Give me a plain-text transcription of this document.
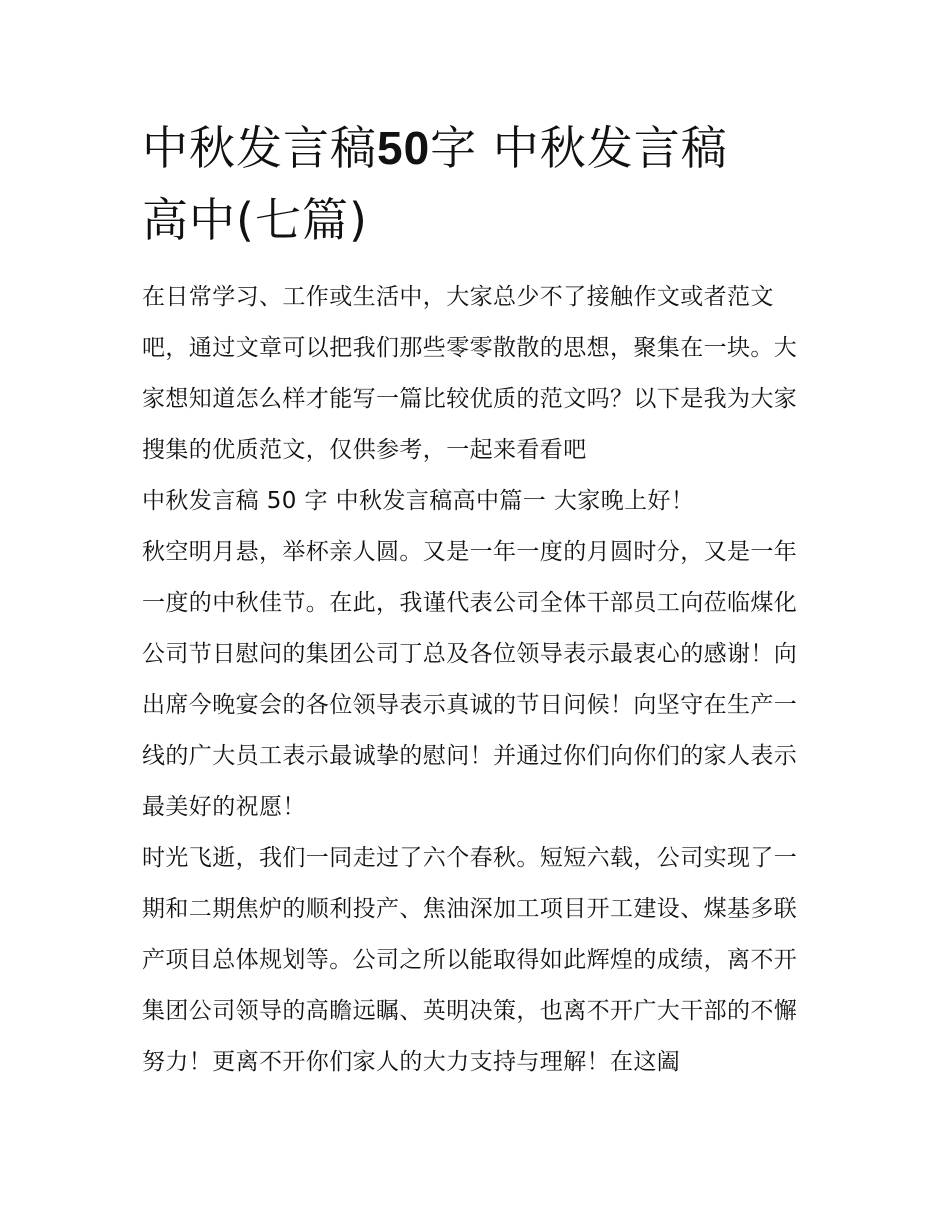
中秋发言稿50字 中秋发言稿
高中(七篇)

在日常学习、工作或生活中，大家总少不了接触作文或者范文吧，通过文章可以把我们那些零零散散的思想，聚集在一块。大家想知道怎么样才能写一篇比较优质的范文吗？以下是我为大家搜集的优质范文，仅供参考，一起来看看吧

中秋发言稿 50 字 中秋发言稿高中篇一 大家晚上好！

秋空明月悬，举杯亲人圆。又是一年一度的月圆时分，又是一年一度的中秋佳节。在此，我谨代表公司全体干部员工向莅临煤化公司节日慰问的集团公司丁总及各位领导表示最衷心的感谢！向出席今晚宴会的各位领导表示真诚的节日问候！向坚守在生产一线的广大员工表示最诚挚的慰问！并通过你们向你们的家人表示最美好的祝愿！

时光飞逝，我们一同走过了六个春秋。短短六载，公司实现了一期和二期焦炉的顺利投产、焦油深加工项目开工建设、煤基多联产项目总体规划等。公司之所以能取得如此辉煌的成绩，离不开集团公司领导的高瞻远瞩、英明决策，也离不开广大干部的不懈努力！更离不开你们家人的大力支持与理解！在这阖
